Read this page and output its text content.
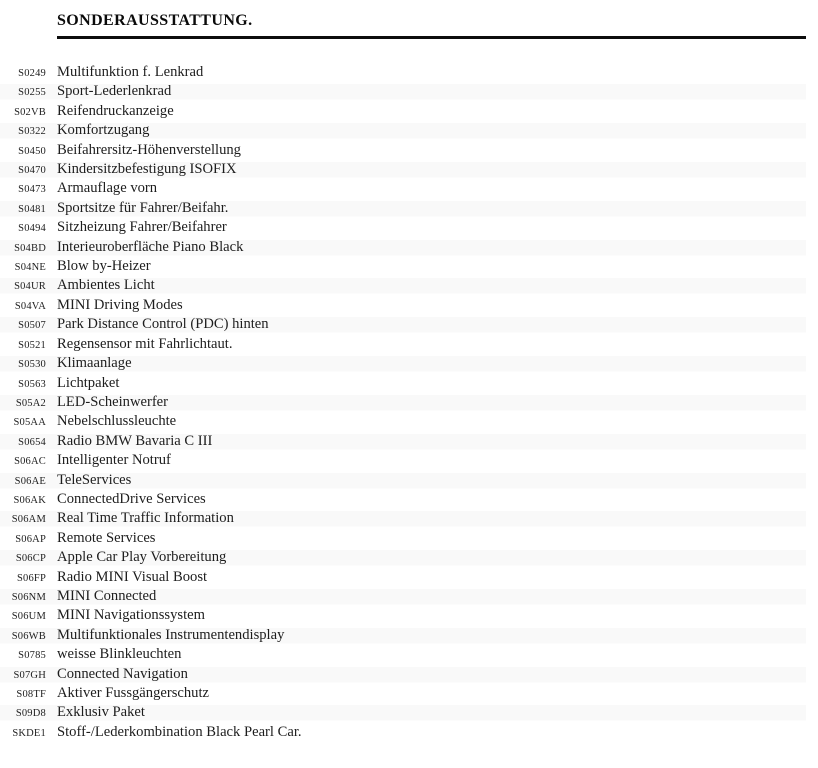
SONDERAUSSTATTUNG.
S0249 Multifunktion f. Lenkrad
S0255 Sport-Lederlenkrad
S02VB Reifendruckanzeige
S0322 Komfortzugang
S0450 Beifahrersitz-Höhenverstellung
S0470 Kindersitzbefestigung ISOFIX
S0473 Armauflage vorn
S0481 Sportsitze für Fahrer/Beifahr.
S0494 Sitzheizung Fahrer/Beifahrer
S04BD Interieuroberfläche Piano Black
S04NE Blow by-Heizer
S04UR Ambientes Licht
S04VA MINI Driving Modes
S0507 Park Distance Control (PDC) hinten
S0521 Regensensor mit Fahrlichtaut.
S0530 Klimaanlage
S0563 Lichtpaket
S05A2 LED-Scheinwerfer
S05AA Nebelschlussleuchte
S0654 Radio BMW Bavaria C III
S06AC Intelligenter Notruf
S06AE TeleServices
S06AK ConnectedDrive Services
S06AM Real Time Traffic Information
S06AP Remote Services
S06CP Apple Car Play Vorbereitung
S06FP Radio MINI Visual Boost
S06NM MINI Connected
S06UM MINI Navigationssystem
S06WB Multifunktionales Instrumentendisplay
S0785 weisse Blinkleuchten
S07GH Connected Navigation
S08TF Aktiver Fussgängerschutz
S09D8 Exklusiv Paket
SKDE1 Stoff-/Lederkombination Black Pearl Car.
